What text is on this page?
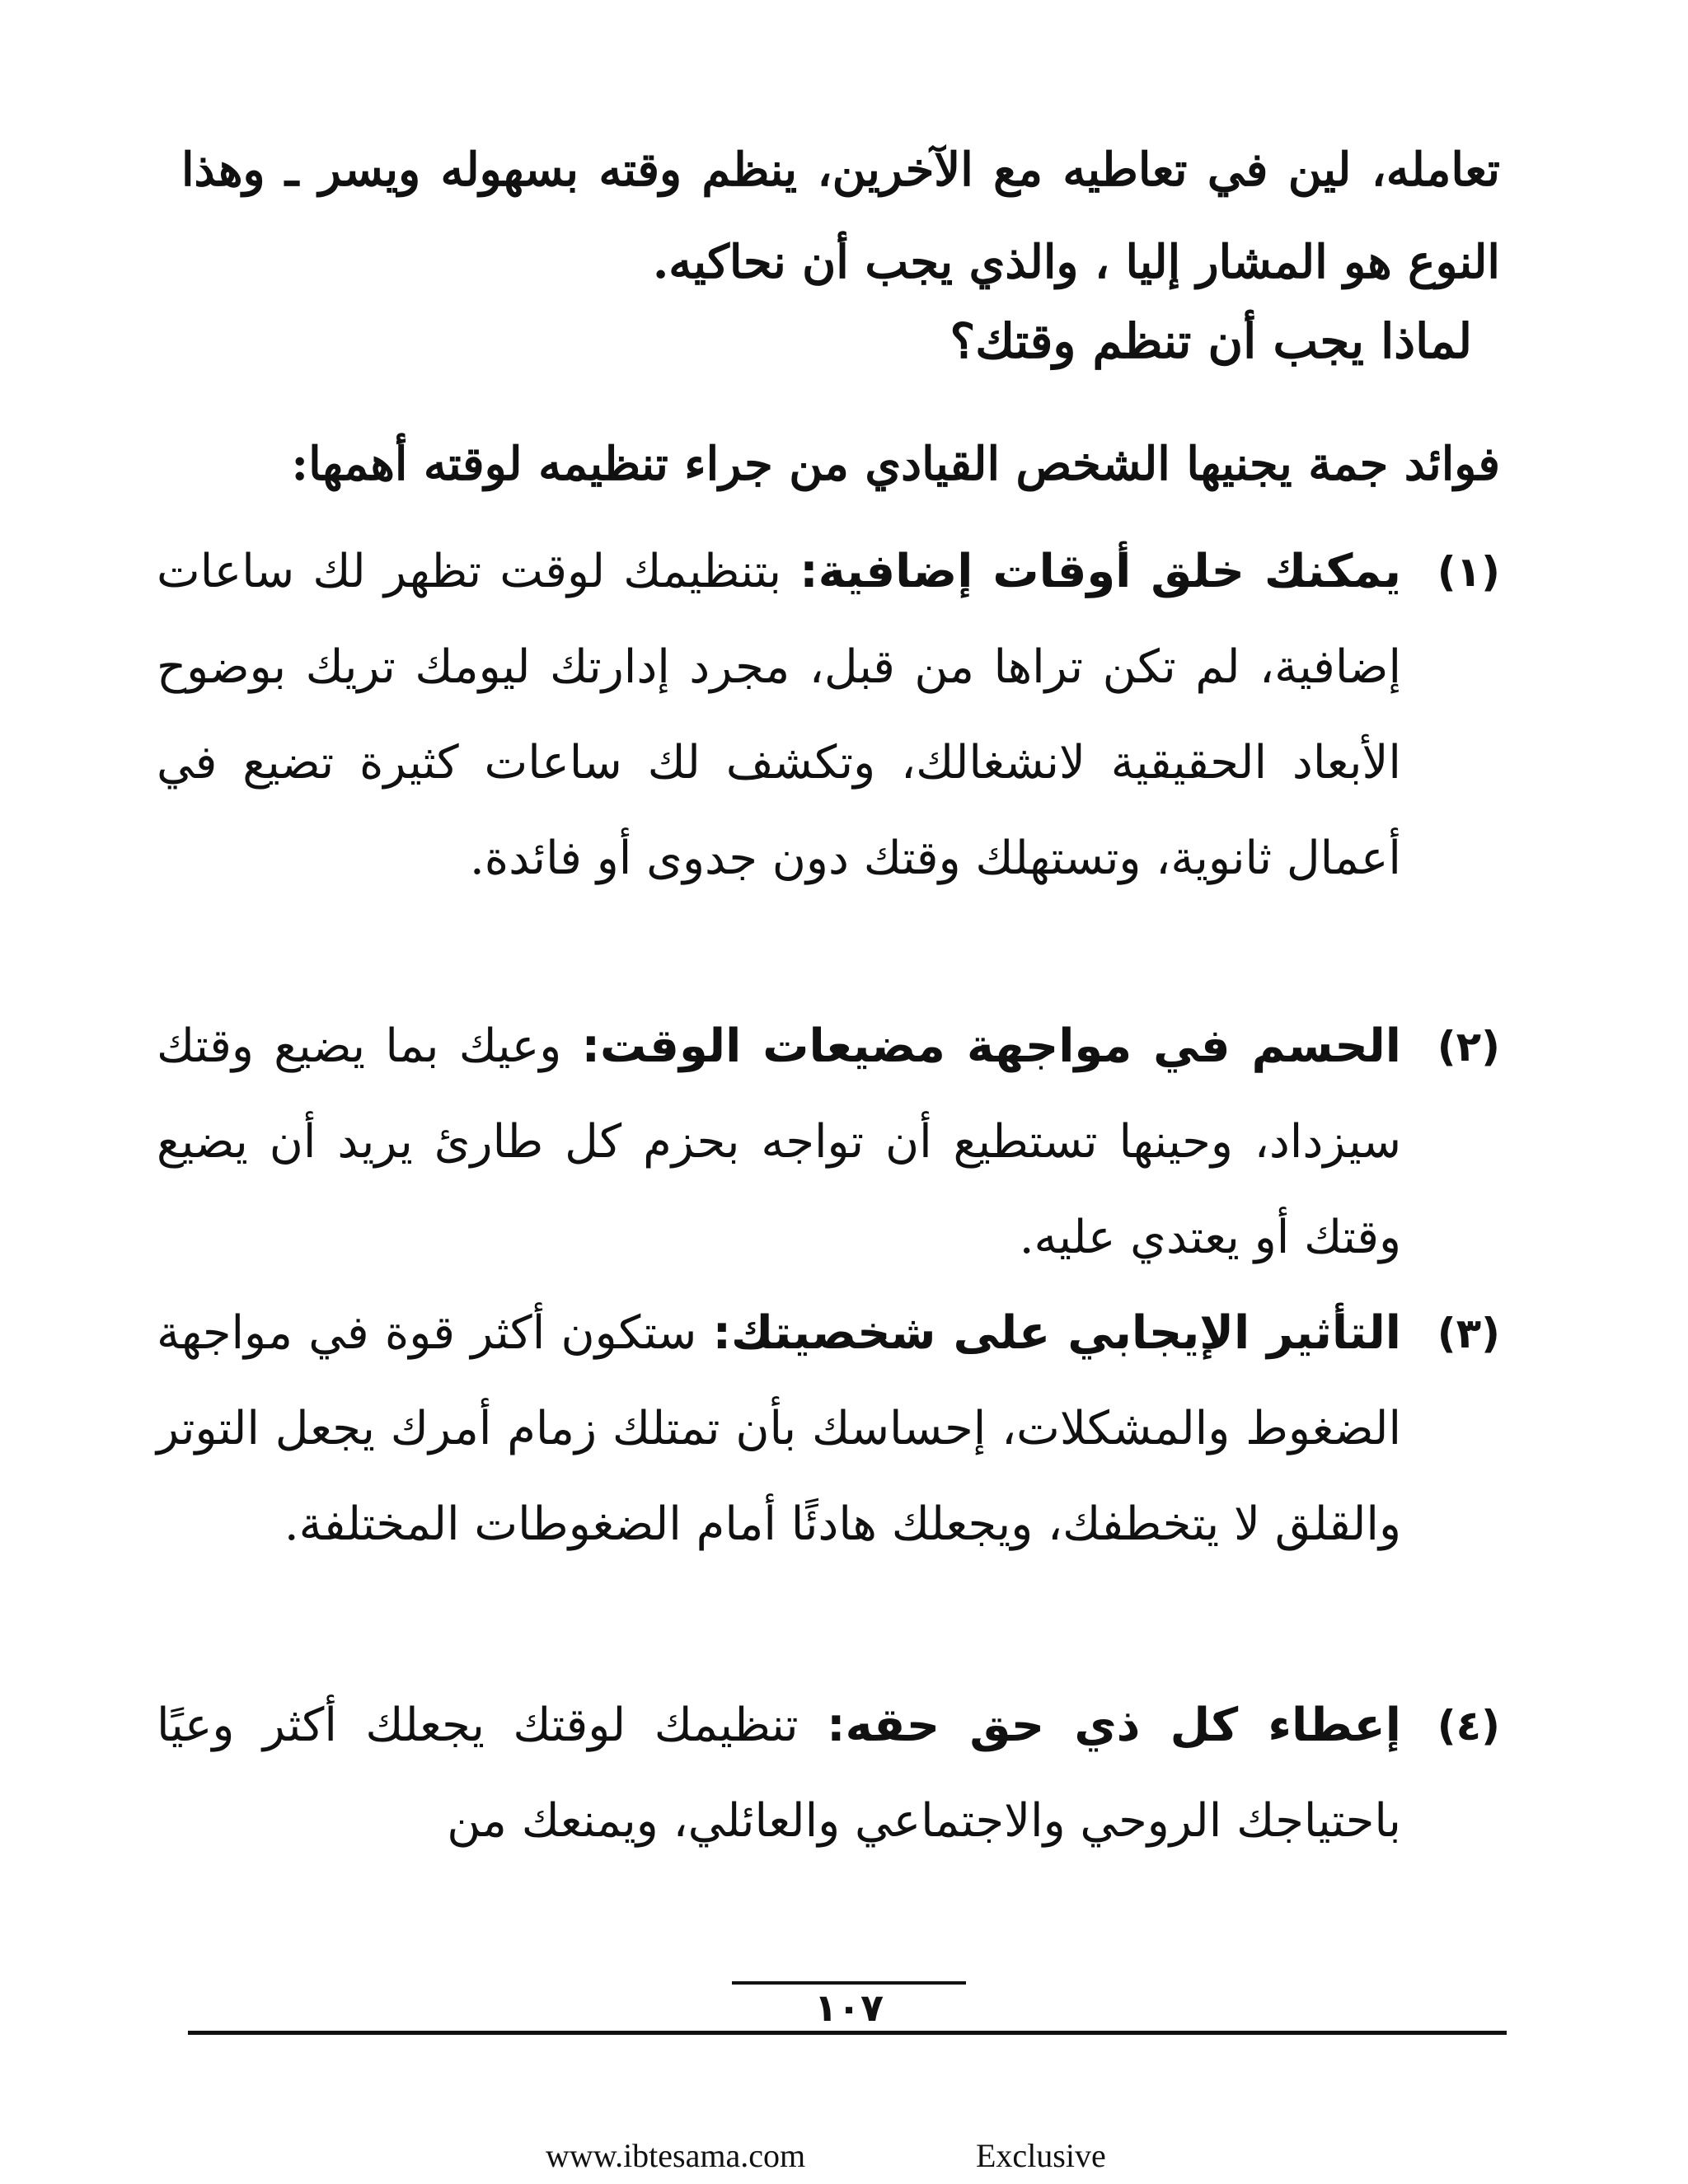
تعامله، لين في تعاطيه مع الآخرين، ينظم وقته بسهوله ويسر ـ وهذا النوع هو المشار إليا ، والذي يجب أن نحاكيه.

لماذا يجب أن تنظم وقتك؟
فوائد جمة يجنيها الشخص القيادي من جراء تنظيمه لوقته أهمها:
(١)
يمكنك خلق أوقات إضافية: بتنظيمك لوقت تظهر لك ساعات إضافية، لم تكن تراها من قبل، مجرد إدارتك ليومك تريك بوضوح الأبعاد الحقيقية لانشغالك، وتكشف لك ساعات كثيرة تضيع في أعمال ثانوية، وتستهلك وقتك دون جدوى أو فائدة.
(٢)
الحسم في مواجهة مضيعات الوقت: وعيك بما يضيع وقتك سيزداد، وحينها تستطيع أن تواجه بحزم كل طارئ يريد أن يضيع وقتك أو يعتدي عليه.
(٣)
التأثير الإيجابي على شخصيتك: ستكون أكثر قوة في مواجهة الضغوط والمشكلات، إحساسك بأن تمتلك زمام أمرك يجعل التوتر والقلق لا يتخطفك، ويجعلك هادئًا أمام الضغوطات المختلفة.
(٤)
إعطاء كل ذي حق حقه: تنظيمك لوقتك يجعلك أكثر وعيًا باحتياجك الروحي والاجتماعي والعائلي، ويمنعك من
١٠٧
www.ibtesama.com	Exclusive
